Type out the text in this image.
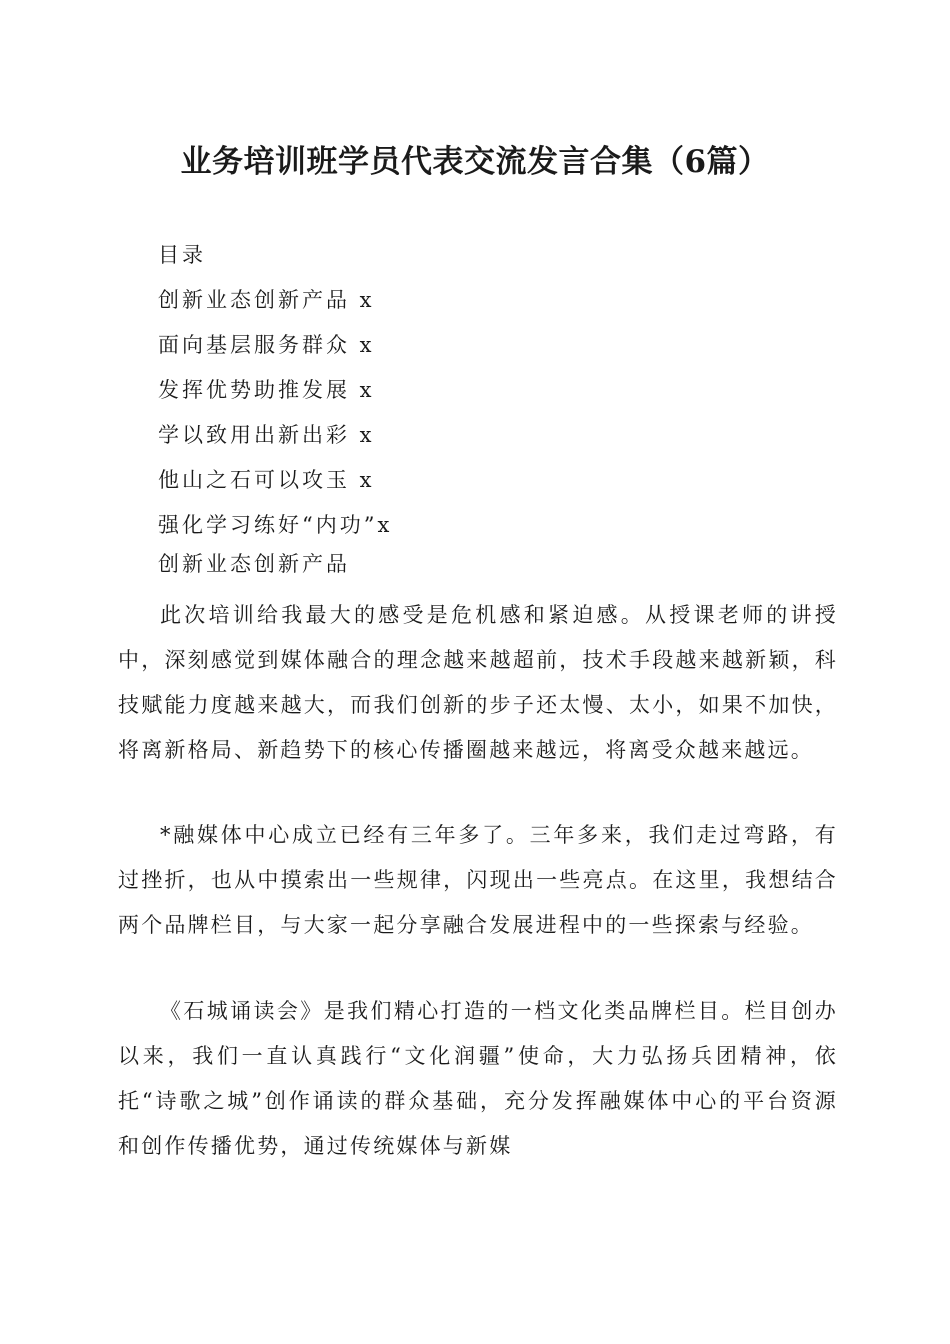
业务培训班学员代表交流发言合集（6篇）
目录
创新业态创新产品 x
面向基层服务群众 x
发挥优势助推发展 x
学以致用出新出彩 x
他山之石可以攻玉 x
强化学习练好“内功”x
创新业态创新产品

此次培训给我最大的感受是危机感和紧迫感。从授课老师的讲授中，深刻感觉到媒体融合的理念越来越超前，技术手段越来越新颖，科技赋能力度越来越大，而我们创新的步子还太慢、太小，如果不加快，将离新格局、新趋势下的核心传播圈越来越远，将离受众越来越远。

*融媒体中心成立已经有三年多了。三年多来，我们走过弯路，有过挫折，也从中摸索出一些规律，闪现出一些亮点。在这里，我想结合两个品牌栏目，与大家一起分享融合发展进程中的一些探索与经验。

《石城诵读会》是我们精心打造的一档文化类品牌栏目。栏目创办以来，我们一直认真践行“文化润疆”使命，大力弘扬兵团精神，依托“诗歌之城”创作诵读的群众基础，充分发挥融媒体中心的平台资源和创作传播优势，通过传统媒体与新媒
